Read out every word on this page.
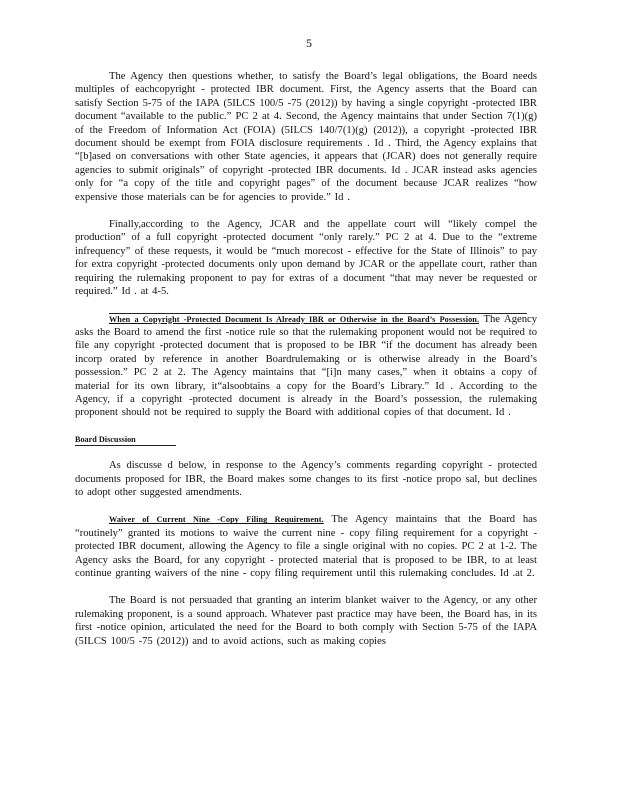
5

The Agency then questions whether, to satisfy the Board’s legal obligations, the Board needs multiples of eachcopyright - protected IBR document. First, the Agency asserts that the Board can satisfy Section 5-75 of the IAPA (5ILCS 100/5 -75 (2012)) by having a single copyright -protected IBR document “available to the public.” PC 2 at 4. Second, the Agency maintains that under Section 7(1)(g) of the Freedom of Information Act (FOIA) (5ILCS 140/7(1)(g) (2012)), a copyright -protected IBR document should be exempt from FOIA disclosure requirements . Id . Third, the Agency explains that “[b]ased on conversations with other State agencies, it appears that (JCAR) does not generally require agencies to submit originals” of copyright -protected IBR documents. Id . JCAR instead asks agencies only for “a copy of the title and copyright pages” of the document because JCAR realizes “how expensive those materials can be for agencies to provide.” Id .

Finally,according to the Agency, JCAR and the appellate court will “likely compel the production” of a full copyright -protected document “only rarely.” PC 2 at 4. Due to the “extreme infrequency” of these requests, it would be “much morecost - effective for the State of Illinois” to pay for extra copyright -protected documents only upon demand by JCAR or the appellate court, rather than requiring the rulemaking proponent to pay for extras of a document “that may never be requested or required.” Id . at 4-5.

When a Copyright -Protected Document Is Already IBR or Otherwise in the Board’s Possession. The Agency asks the Board to amend the first -notice rule so that the rulemaking proponent would not be required to file any copyright -protected document that is proposed to be IBR “if the document has already been incorp orated by reference in another Boardrulemaking or is otherwise already in the Board’s possession.” PC 2 at 2. The Agency maintains that “[i]n many cases,” when it obtains a copy of material for its own library, it“alsoobtains a copy for the Board’s Library.” Id . According to the Agency, if a copyright -protected document is already in the Board’s possession, the rulemaking proponent should not be required to supply the Board with additional copies of that document. Id .

Board Discussion

As discusse d below, in response to the Agency’s comments regarding copyright - protected documents proposed for IBR, the Board makes some changes to its first -notice propo sal, but declines to adopt other suggested amendments.

Waiver of Current Nine -Copy Filing Requirement. The Agency maintains that the Board has “routinely” granted its motions to waive the current nine - copy filing requirement for a copyright -protected IBR document, allowing the Agency to file a single original with no copies. PC 2 at 1-2. The Agency asks the Board, for any copyright - protected material that is proposed to be IBR, to at least continue granting waivers of the nine - copy filing requirement until this rulemaking concludes. Id .at 2.

The Board is not persuaded that granting an interim blanket waiver to the Agency, or any other rulemaking proponent, is a sound approach. Whatever past practice may have been, the Board has, in its first -notice opinion, articulated the need for the Board to both comply with Section 5-75 of the IAPA (5ILCS 100/5 -75 (2012)) and to avoid actions, such as making copies
